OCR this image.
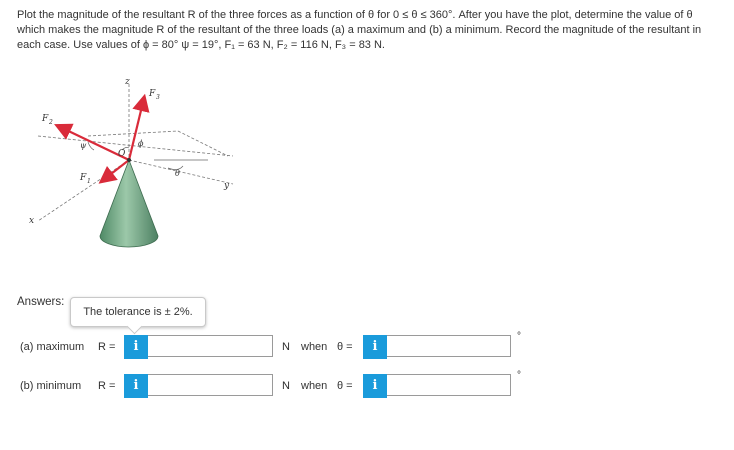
Plot the magnitude of the resultant R of the three forces as a function of θ for 0 ≤ θ ≤ 360°. After you have the plot, determine the value of θ which makes the magnitude R of the resultant of the three loads (a) a maximum and (b) a minimum. Record the magnitude of the resultant in each case. Use values of ϕ = 80° ψ = 19°, F₁ = 63 N, F₂ = 116 N, F₃ = 83 N.
z
F 3
F 2
F 1
O
x
y
θ
ϕ
ψ
Answers:
The tolerance is ± 2%.
(a) maximum R =	i	N when θ =	i
°
(b) minimum R =	i	N when θ =	i
°
